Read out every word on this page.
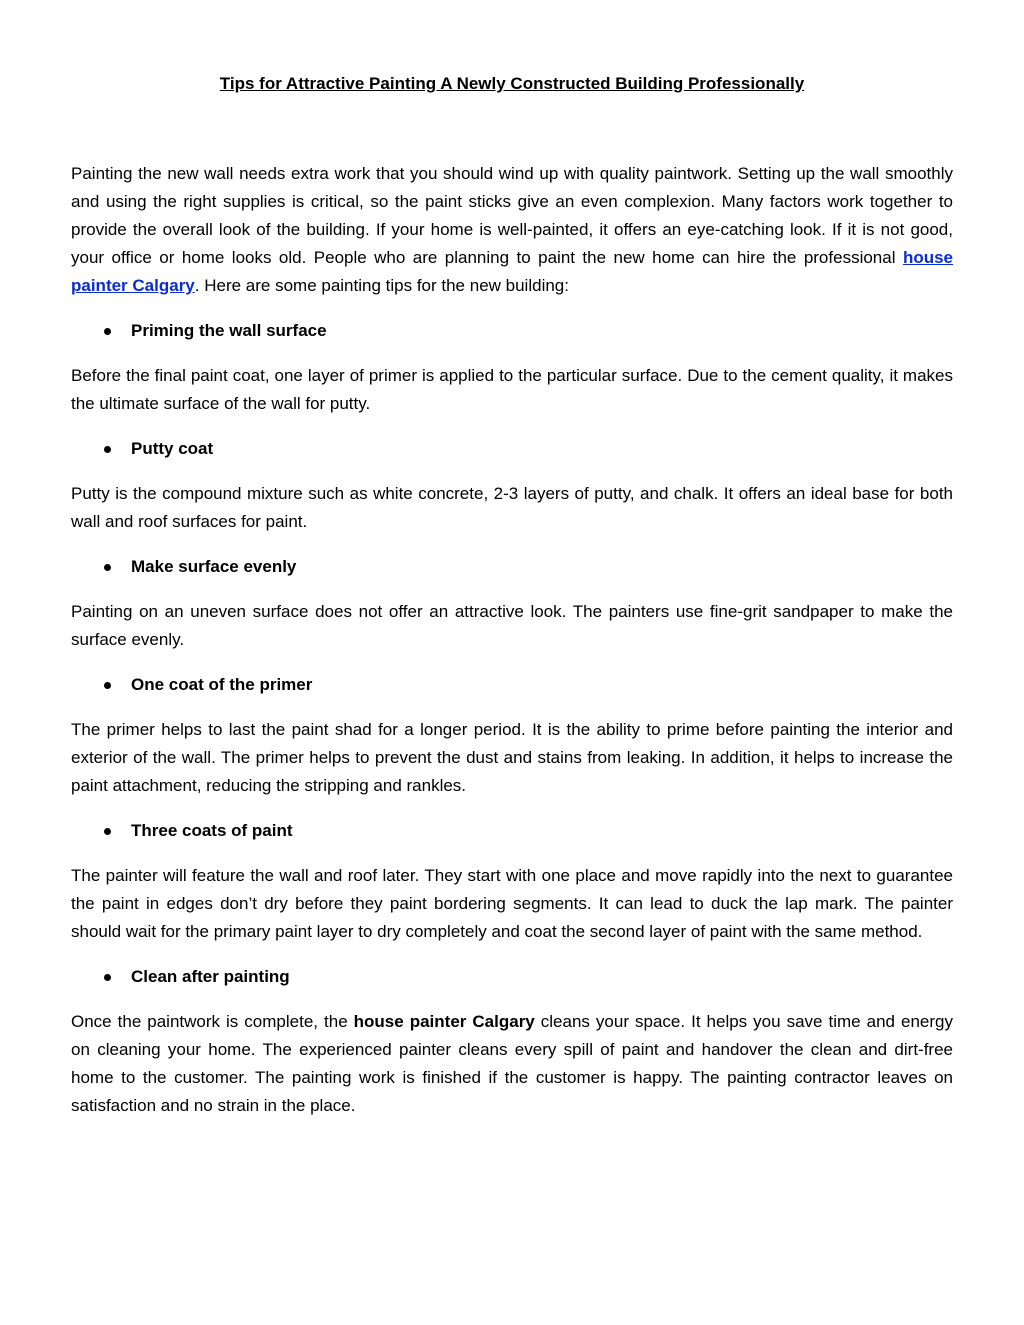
Tips for Attractive Painting A Newly Constructed Building Professionally

Painting the new wall needs extra work that you should wind up with quality paintwork. Setting up the wall smoothly and using the right supplies is critical, so the paint sticks give an even complexion. Many factors work together to provide the overall look of the building. If your home is well-painted, it offers an eye-catching look. If it is not good, your office or home looks old. People who are planning to paint the new home can hire the professional house painter Calgary. Here are some painting tips for the new building:

Priming the wall surface

Before the final paint coat, one layer of primer is applied to the particular surface. Due to the cement quality, it makes the ultimate surface of the wall for putty.

Putty coat

Putty is the compound mixture such as white concrete, 2-3 layers of putty, and chalk. It offers an ideal base for both wall and roof surfaces for paint.

Make surface evenly

Painting on an uneven surface does not offer an attractive look. The painters use fine-grit sandpaper to make the surface evenly.

One coat of the primer

The primer helps to last the paint shad for a longer period. It is the ability to prime before painting the interior and exterior of the wall. The primer helps to prevent the dust and stains from leaking. In addition, it helps to increase the paint attachment, reducing the stripping and rankles.

Three coats of paint

The painter will feature the wall and roof later. They start with one place and move rapidly into the next to guarantee the paint in edges don’t dry before they paint bordering segments. It can lead to duck the lap mark. The painter should wait for the primary paint layer to dry completely and coat the second layer of paint with the same method.

Clean after painting

Once the paintwork is complete, the house painter Calgary cleans your space. It helps you save time and energy on cleaning your home. The experienced painter cleans every spill of paint and handover the clean and dirt-free home to the customer. The painting work is finished if the customer is happy. The painting contractor leaves on satisfaction and no strain in the place.
